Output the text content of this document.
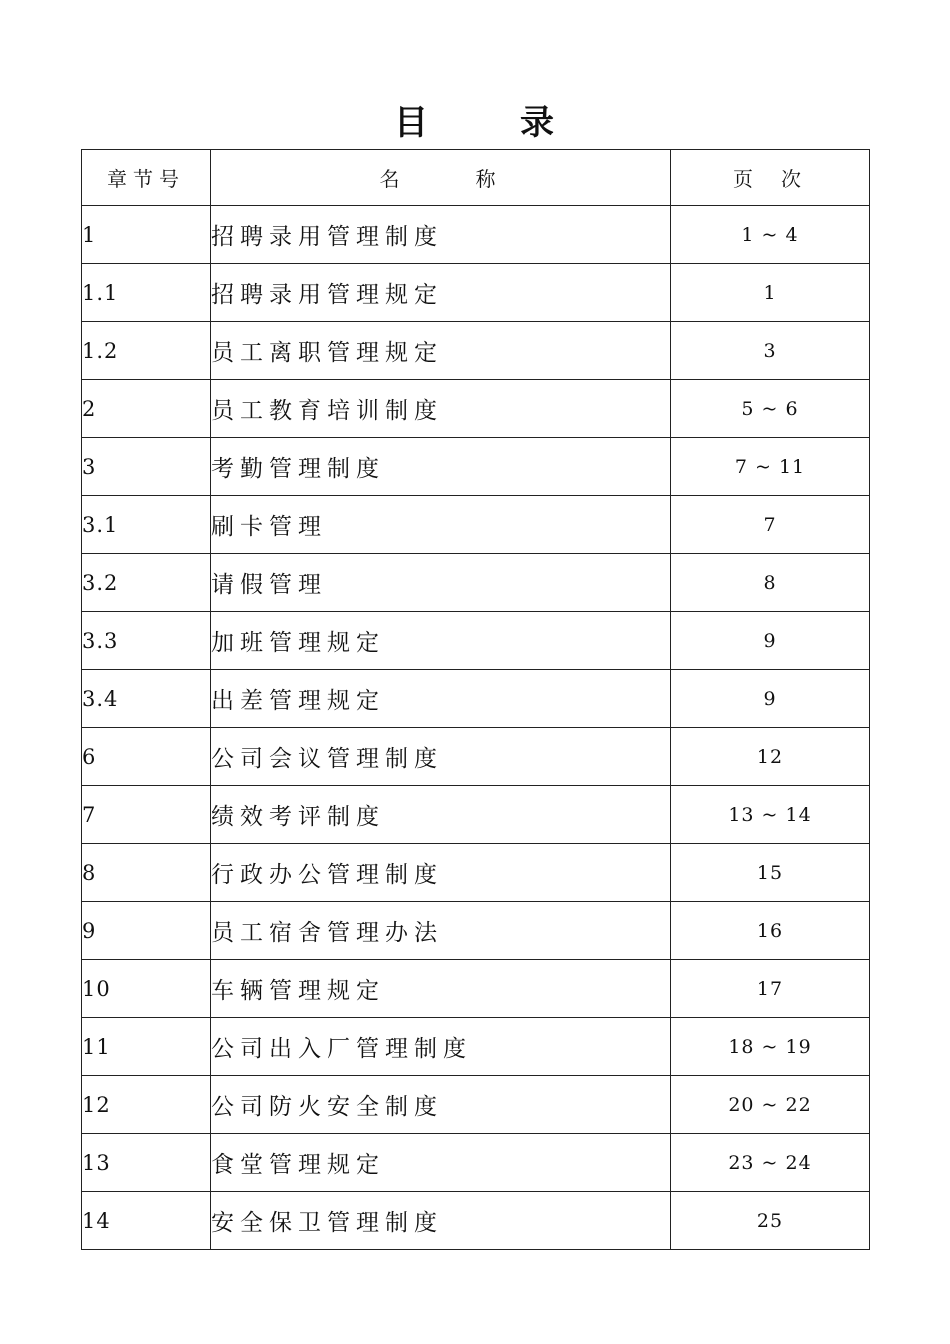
目	录
章节号	名 称	页 次
1	招聘录用管理制度	1 ~ 4
1.1	招聘录用管理规定	1
1.2	员工离职管理规定	3
2	员工教育培训制度	5 ~ 6
3	考勤管理制度	7 ~ 11
3.1	刷卡管理	7
3.2	请假管理	8
3.3	加班管理规定	9
3.4	出差管理规定	9
6	公司会议管理制度	12
7	绩效考评制度	13 ~ 14
8	行政办公管理制度	15
9	员工宿舍管理办法	16
10	车辆管理规定	17
11	公司出入厂管理制度	18 ~ 19
12	公司防火安全制度	20 ~ 22
13	食堂管理规定	23 ~ 24
14	安全保卫管理制度	25
